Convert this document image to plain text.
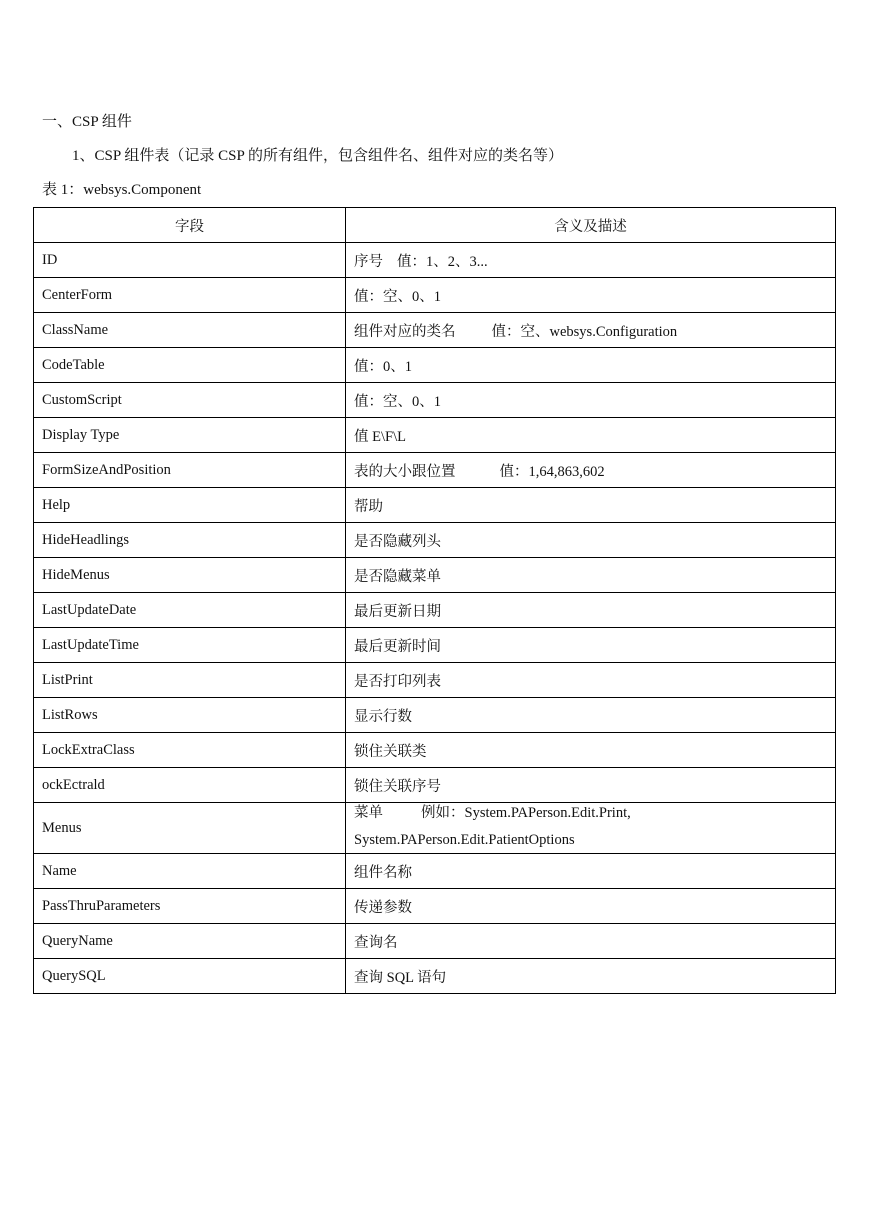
一、CSP 组件
1、CSP 组件表（记录 CSP 的所有组件，包含组件名、组件对应的类名等）
表 1：websys.Component
字段	含义及描述
ID	序号 值：1、2、3...
CenterForm	值：空、0、1
ClassName	组件对应的类名 值：空、websys.Configuration
CodeTable	值：0、1
CustomScript	值：空、0、1
Display Type	值 E\F\L
FormSizeAndPosition	表的大小跟位置 值：1,64,863,602
Help	帮助
HideHeadlings	是否隐藏列头
HideMenus	是否隐藏菜单
LastUpdateDate	最后更新日期
LastUpdateTime	最后更新时间
ListPrint	是否打印列表
ListRows	显示行数
LockExtraClass	锁住关联类
ockEctrald	锁住关联序号
Menus	菜单 例如：System.PAPerson.Edit.Print,
System.PAPerson.Edit.PatientOptions

Name	组件名称
PassThruParameters	传递参数
QueryName	查询名
QuerySQL	查询 SQL 语句
